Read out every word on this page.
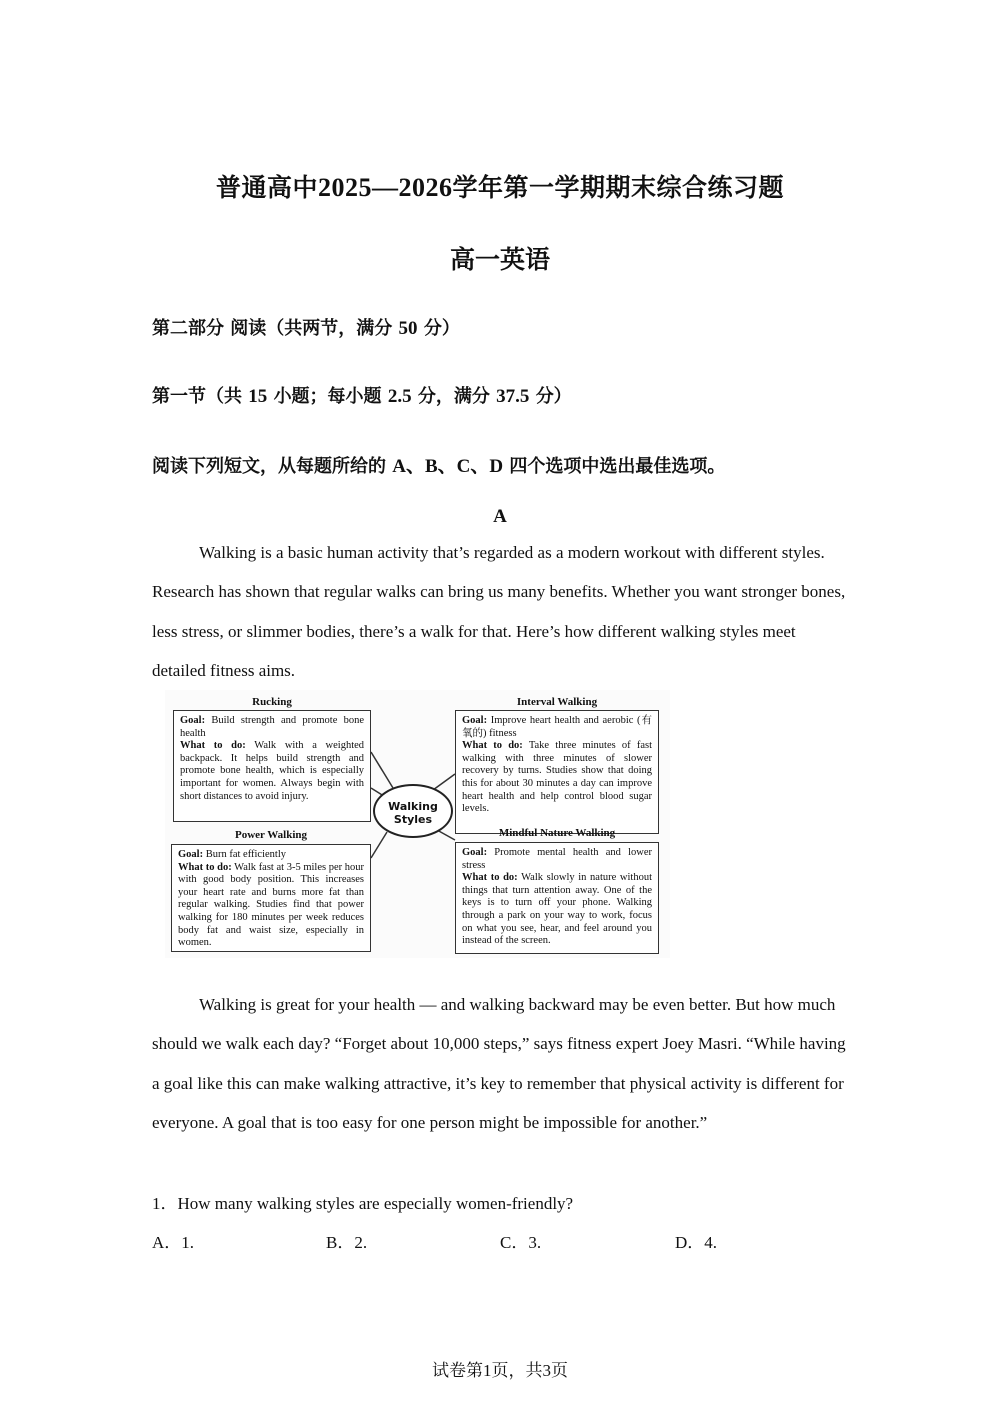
普通高中2025—2026学年第一学期期末综合练习题
高一英语
第二部分 阅读（共两节，满分 50 分）
第一节（共 15 小题；每小题 2.5 分，满分 37.5 分）
阅读下列短文，从每题所给的 A、B、C、D 四个选项中选出最佳选项。
A

Walking is a basic human activity that’s regarded as a modern workout with different styles. Research has shown that regular walks can bring us many benefits. Whether you want stronger bones, less stress, or slimmer bodies, there’s a walk for that. Here’s how different walking styles meet detailed fitness aims.

Rucking
Goal: Build strength and promote bone health
What to do: Walk with a weighted backpack. It helps build strength and promote bone health, which is especially important for women. Always begin with short distances to avoid injury.
Interval Walking
Goal: Improve heart health and aerobic (有氧的) fitness
What to do: Take three minutes of fast walking with three minutes of slower recovery by turns. Studies show that doing this for about 30 minutes a day can improve heart health and help control blood sugar levels.
Walking
Styles
Power Walking
Goal: Burn fat efficiently
What to do: Walk fast at 3-5 miles per hour with good body position. This increases your heart rate and burns more fat than regular walking. Studies find that power walking for 180 minutes per week reduces body fat and waist size, especially in women.
Mindful Nature Walking
Goal: Promote mental health and lower stress
What to do: Walk slowly in nature without things that turn attention away. One of the keys is to turn off your phone. Walking through a park on your way to work, focus on what you see, hear, and feel around you instead of the screen.

Walking is great for your health — and walking backward may be even better. But how much should we walk each day? “Forget about 10,000 steps,” says fitness expert Joey Masri. “While having a goal like this can make walking attractive, it’s key to remember that physical activity is different for everyone. A goal that is too easy for one person might be impossible for another.”

1．How many walking styles are especially women-friendly?
A．1.	B．2.	C．3.	D．4.
试卷第1页，共3页
